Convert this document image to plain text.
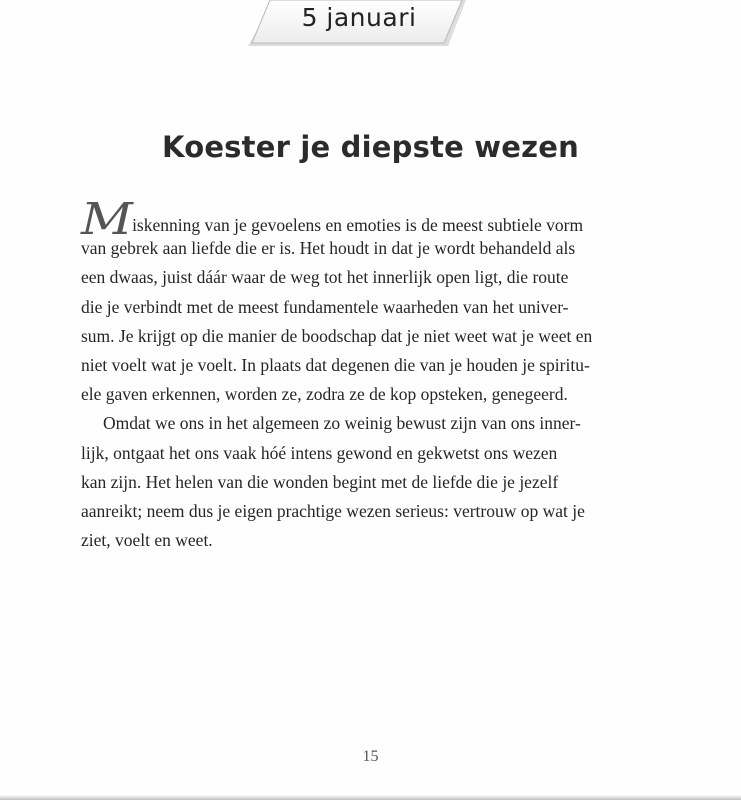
5 januari
Koester je diepste wezen
Miskenning van je gevoelens en emoties is de meest subtiele vorm
van gebrek aan liefde die er is. Het houdt in dat je wordt behandeld als
een dwaas, juist dáár waar de weg tot het innerlijk open ligt, die route
die je verbindt met de meest fundamentele waarheden van het univer-
sum. Je krijgt op die manier de boodschap dat je niet weet wat je weet en
niet voelt wat je voelt. In plaats dat degenen die van je houden je spiritu-
ele gaven erkennen, worden ze, zodra ze de kop opsteken, genegeerd.
Omdat we ons in het algemeen zo weinig bewust zijn van ons inner-
lijk, ontgaat het ons vaak hóé intens gewond en gekwetst ons wezen
kan zijn. Het helen van die wonden begint met de liefde die je jezelf
aanreikt; neem dus je eigen prachtige wezen serieus: vertrouw op wat je
ziet, voelt en weet.
15
